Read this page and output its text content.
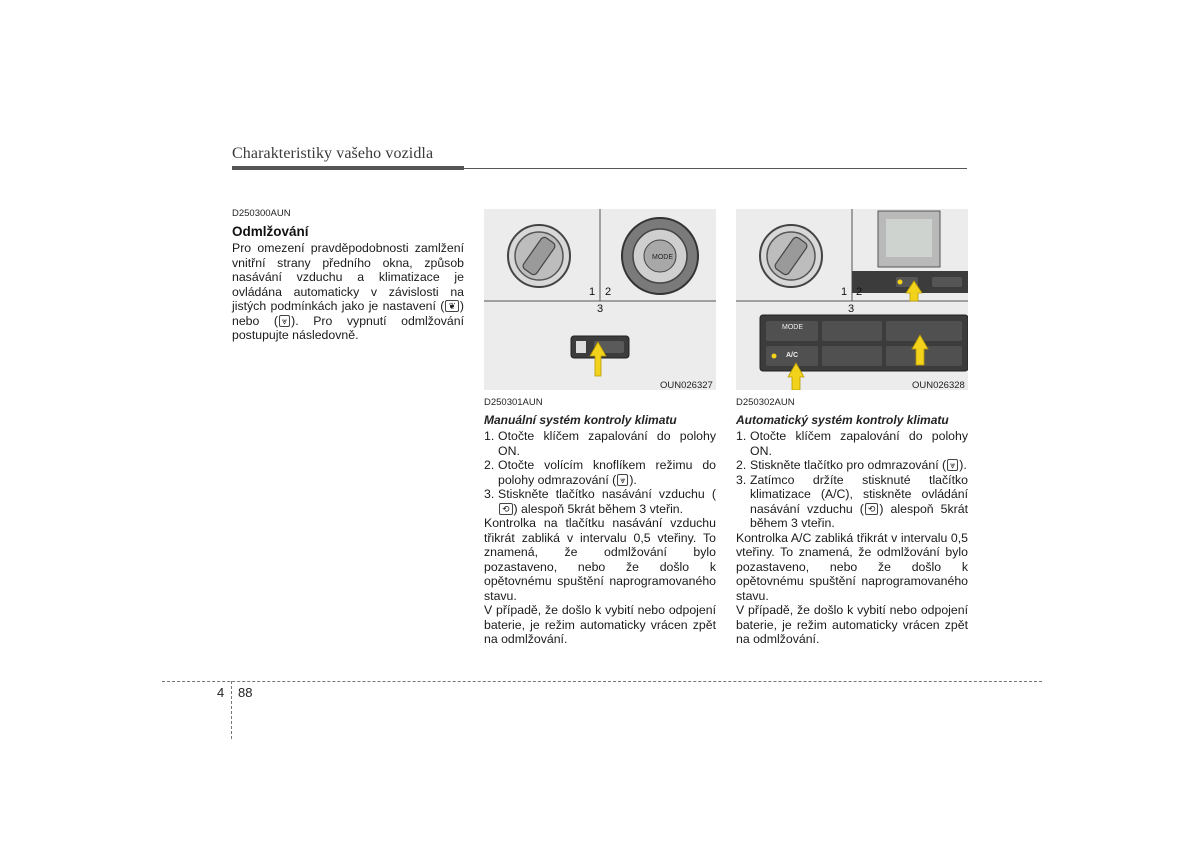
Charakteristiky vašeho vozidla
D250300AUN
Odmlžování
Pro omezení pravděpodobnosti zamlžení vnitřní strany předního okna, způsob nasávání vzduchu a klimatizace je ovládána automaticky v závislosti na jistých podmínkách jako je nastavení ( ❦ ) nebo ( ⩔ ). Pro vypnutí odmlžování postupujte následovně.
MODE
1 2
3
OUN026327
D250301AUN
Manuální systém kontroly klimatu
1. Otočte klíčem zapalování do polohy ON.
2. Otočte volícím knoflíkem režimu do polohy odmrazování ( ⩔ ).
3. Stiskněte tlačítko nasávání vzduchu (⟲ ) alespoň 5krát během 3 vteřin.
Kontrolka na tlačítku nasávání vzduchu třikrát zabliká v intervalu 0,5 vteřiny. To znamená, že odmlžování bylo pozastaveno, nebo že došlo k opětovnému spuštění naprogramovaného stavu.
V případě, že došlo k vybití nebo odpojení baterie, je režim automaticky vrácen zpět na odmlžování.
MODE
A/C
1 2
3
OUN026328
D250302AUN
Automatický systém kontroly klimatu
1. Otočte klíčem zapalování do polohy ON.
2. Stiskněte tlačítko pro odmrazování ( ⩔ ).
3. Zatímco držíte stisknuté tlačítko klimatizace (A/C), stiskněte ovládání nasávání vzduchu ( ⟲ ) alespoň 5krát během 3 vteřin.
Kontrolka A/C zabliká třikrát v intervalu 0,5 vteřiny. To znamená, že odmlžování bylo pozastaveno, nebo že došlo k opětovnému spuštění naprogramovaného stavu.
V případě, že došlo k vybití nebo odpojení baterie, je režim automaticky vrácen zpět na odmlžování.
4 88
